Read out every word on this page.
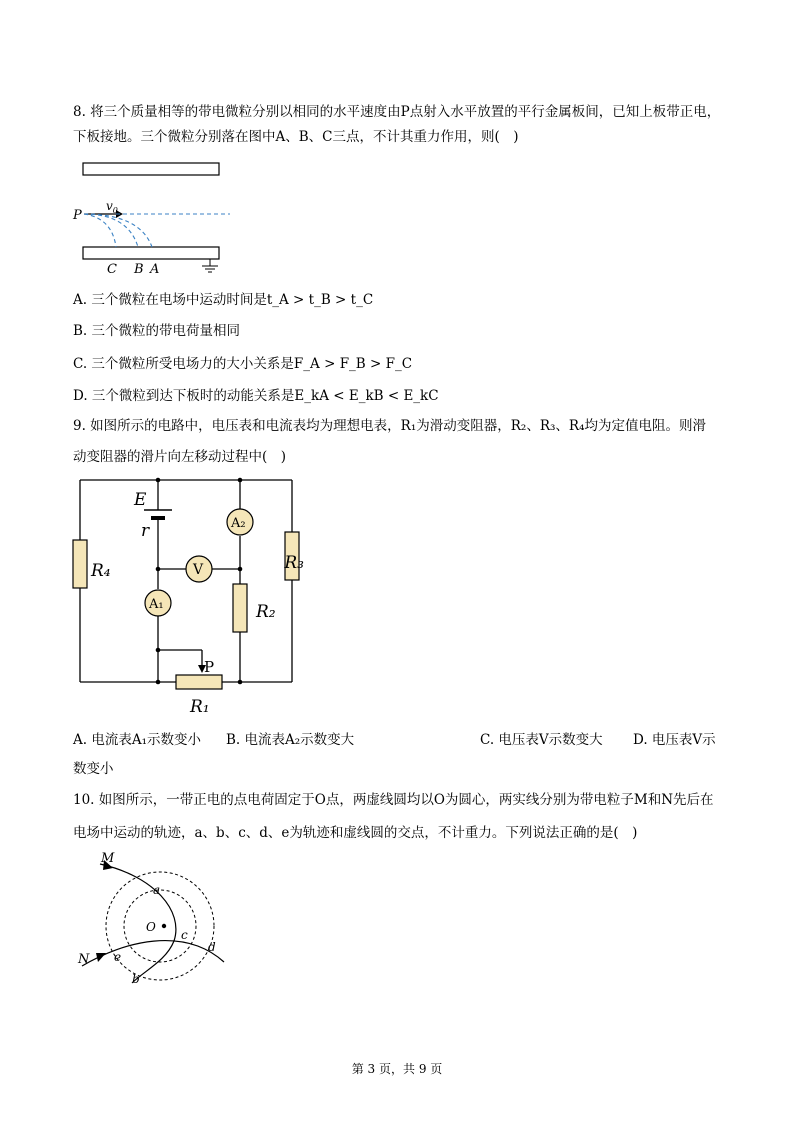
8. 将三个质量相等的带电微粒分别以相同的水平速度由P点射入水平放置的平行金属板间，已知上板带正电，
下板接地。三个微粒分别落在图中A、B、C三点，不计其重力作用，则(　)
P
$v_0$
C B A
A. 三个微粒在电场中运动时间是t_A > t_B > t_C
B. 三个微粒的带电荷量相同
C. 三个微粒所受电场力的大小关系是F_A > F_B > F_C
D. 三个微粒到达下板时的动能关系是E_kA < E_kB < E_kC
9. 如图所示的电路中，电压表和电流表均为理想电表，R₁为滑动变阻器，R₂、R₃、R₄均为定值电阻。则滑
动变阻器的滑片向左移动过程中(　)
E
r	A₂
V
A₁
R₄	R₃
R₂
R₁
P
A. 电流表A₁示数变小 B. 电流表A₂示数变大	C. 电压表V示数变大 D. 电压表V示
数变小
10. 如图所示，一带正电的点电荷固定于O点，两虚线圆均以O为圆心，两实线分别为带电粒子M和N先后在
电场中运动的轨迹，a、b、c、d、e为轨迹和虚线圆的交点，不计重力。下列说法正确的是(　)
M
N
O
a
b
c
d
e
第 3 页，共 9 页
